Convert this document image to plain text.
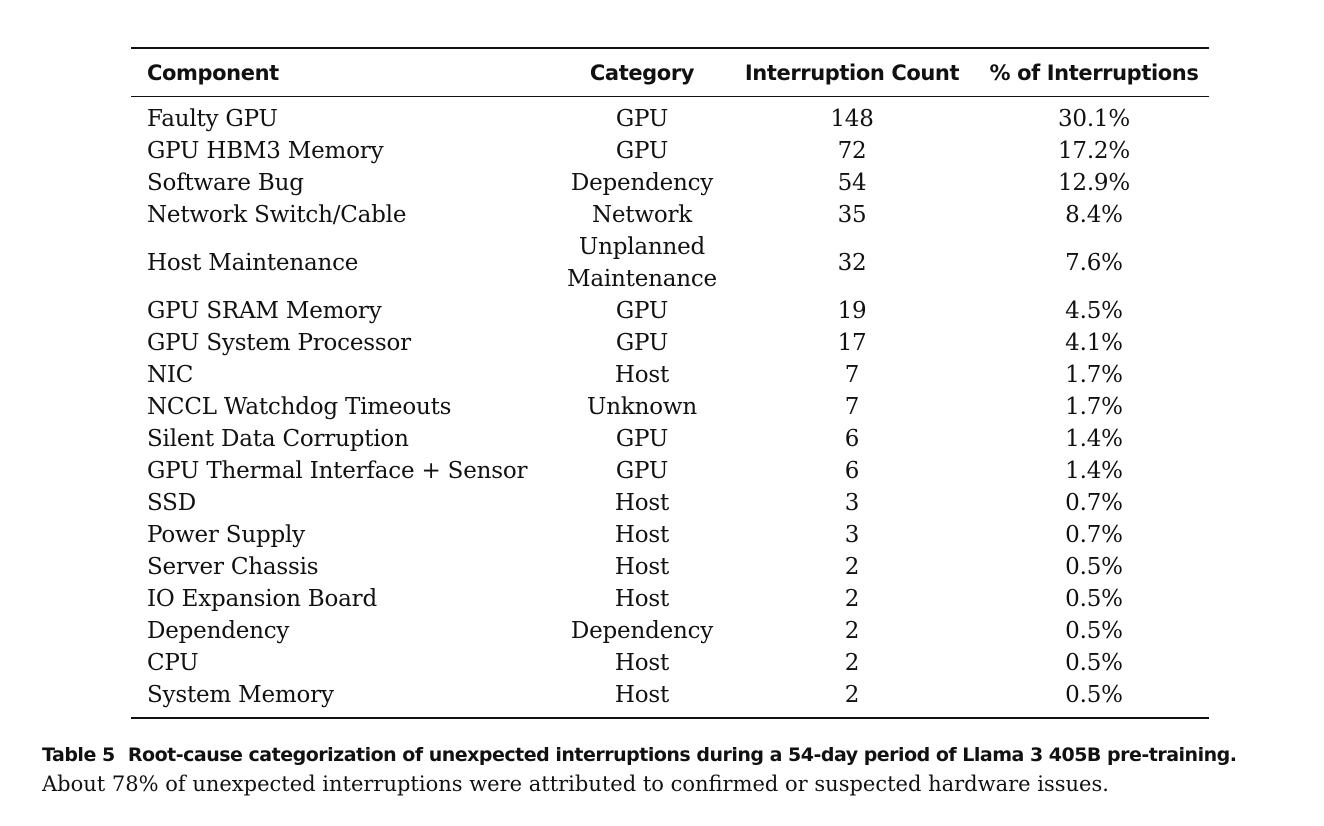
Component	Category	Interruption Count	% of Interruptions
Faulty GPU	GPU	148	30.1%
GPU HBM3 Memory	GPU	72	17.2%
Software Bug	Dependency	54	12.9%
Network Switch/Cable	Network	35	8.4%
Host Maintenance	Unplanned Maintenance	32	7.6%
GPU SRAM Memory	GPU	19	4.5%
GPU System Processor	GPU	17	4.1%
NIC	Host	7	1.7%
NCCL Watchdog Timeouts	Unknown	7	1.7%
Silent Data Corruption	GPU	6	1.4%
GPU Thermal Interface + Sensor	GPU	6	1.4%
SSD	Host	3	0.7%
Power Supply	Host	3	0.7%
Server Chassis	Host	2	0.5%
IO Expansion Board	Host	2	0.5%
Dependency	Dependency	2	0.5%
CPU	Host	2	0.5%
System Memory	Host	2	0.5%
Table 5 Root-cause categorization of unexpected interruptions during a 54-day period of Llama 3 405B pre-training. About 78% of unexpected interruptions were attributed to confirmed or suspected hardware issues.
